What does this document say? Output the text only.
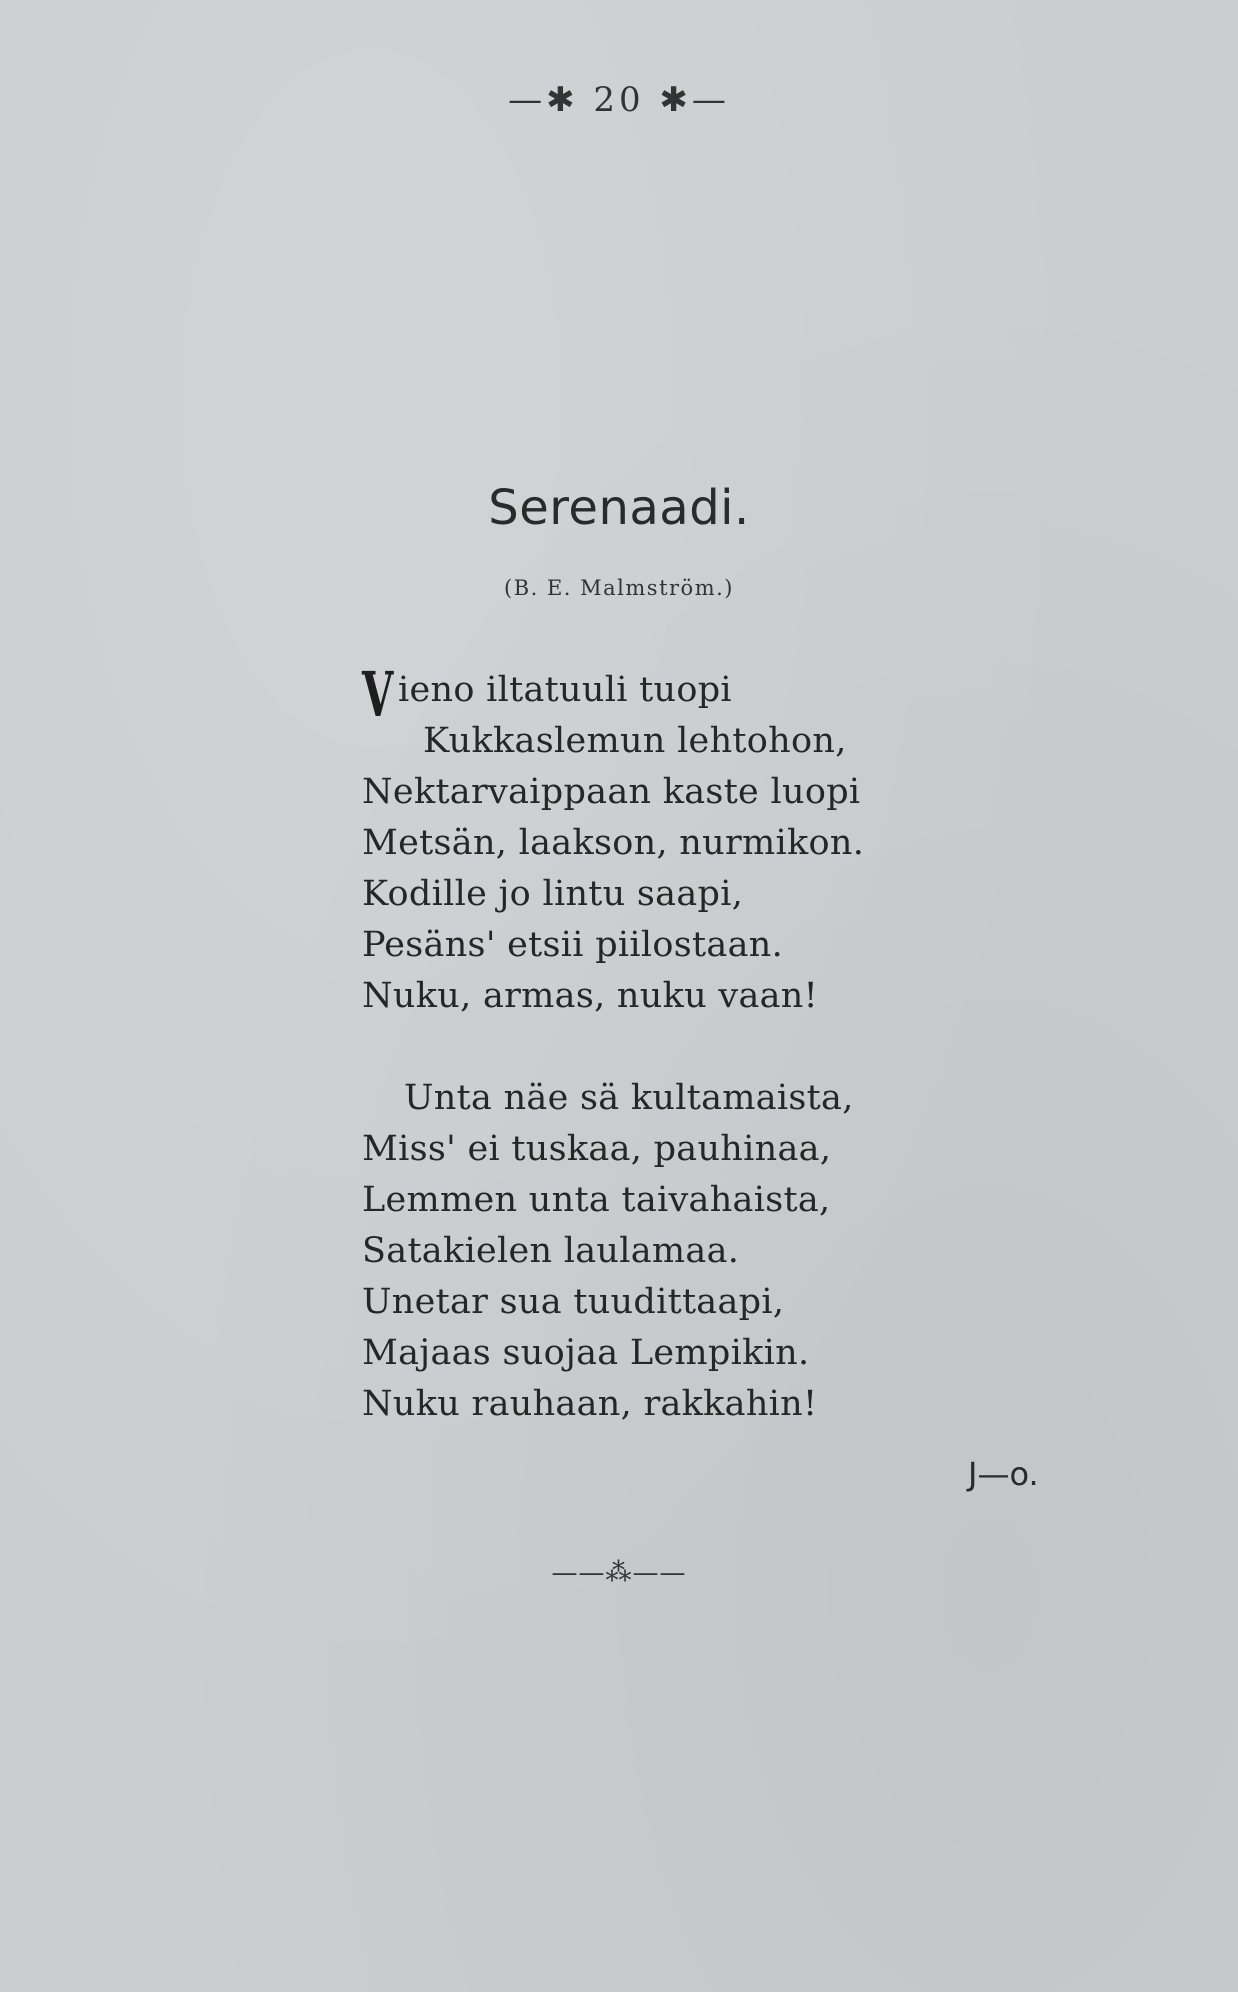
—✱ 20 ✱—
Serenaadi.
(B. E. Malmström.)
Vieno iltatuuli tuopi
Kukkaslemun lehtohon,
Nektarvaippaan kaste luopi
Metsän, laakson, nurmikon.
Kodille jo lintu saapi,
Pesäns' etsii piilostaan.
Nuku, armas, nuku vaan!
Unta näe sä kultamaista,
Miss' ei tuskaa, pauhinaa,
Lemmen unta taivahaista,
Satakielen laulamaa.
Unetar sua tuudittaapi,
Majaas suojaa Lempikin.
Nuku rauhaan, rakkahin!
J—o.
——⁂——
